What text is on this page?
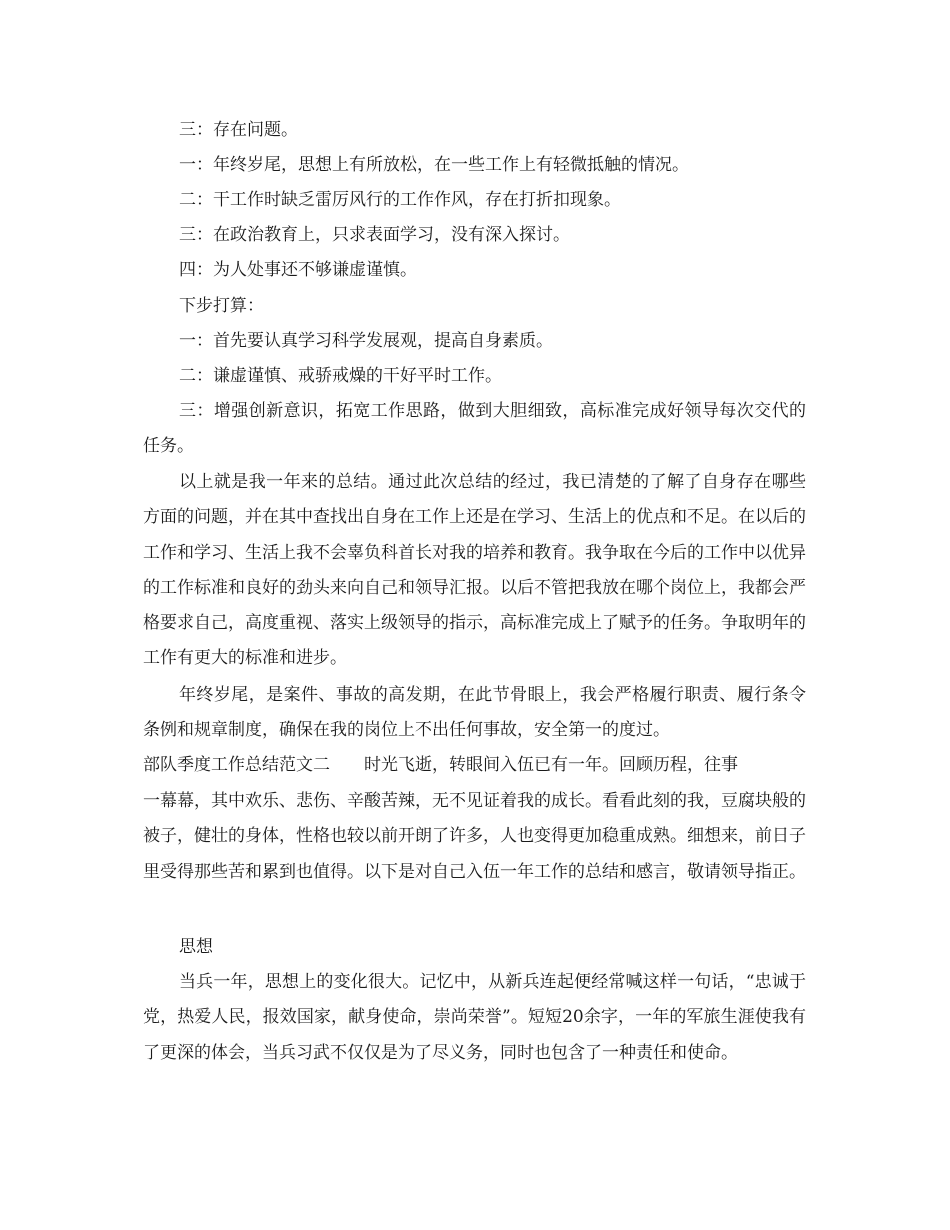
三：存在问题。

一：年终岁尾，思想上有所放松，在一些工作上有轻微抵触的情况。

二：干工作时缺乏雷厉风行的工作作风，存在打折扣现象。

三：在政治教育上，只求表面学习，没有深入探讨。

四：为人处事还不够谦虚谨慎。

下步打算：

一：首先要认真学习科学发展观，提高自身素质。

二：谦虚谨慎、戒骄戒燥的干好平时工作。

三：增强创新意识，拓宽工作思路，做到大胆细致，高标准完成好领导每次交代的任务。

以上就是我一年来的总结。通过此次总结的经过，我已清楚的了解了自身存在哪些方面的问题，并在其中查找出自身在工作上还是在学习、生活上的优点和不足。在以后的工作和学习、生活上我不会辜负科首长对我的培养和教育。我争取在今后的工作中以优异的工作标准和良好的劲头来向自己和领导汇报。以后不管把我放在哪个岗位上，我都会严格要求自己，高度重视、落实上级领导的指示，高标准完成上了赋予的任务。争取明年的工作有更大的标准和进步。

年终岁尾，是案件、事故的高发期，在此节骨眼上，我会严格履行职责、履行条令条例和规章制度，确保在我的岗位上不出任何事故，安全第一的度过。

部队季度工作总结范文二 时光飞逝，转眼间入伍已有一年。回顾历程，往事

一幕幕，其中欢乐、悲伤、辛酸苦辣，无不见证着我的成长。看看此刻的我，豆腐块般的被子，健壮的身体，性格也较以前开朗了许多，人也变得更加稳重成熟。细想来，前日子里受得那些苦和累到也值得。以下是对自己入伍一年工作的总结和感言，敬请领导指正。

思想

当兵一年，思想上的变化很大。记忆中，从新兵连起便经常喊这样一句话，“忠诚于党，热爱人民，报效国家，献身使命，崇尚荣誉”。短短20余字，一年的军旅生涯使我有了更深的体会，当兵习武不仅仅是为了尽义务，同时也包含了一种责任和使命。
